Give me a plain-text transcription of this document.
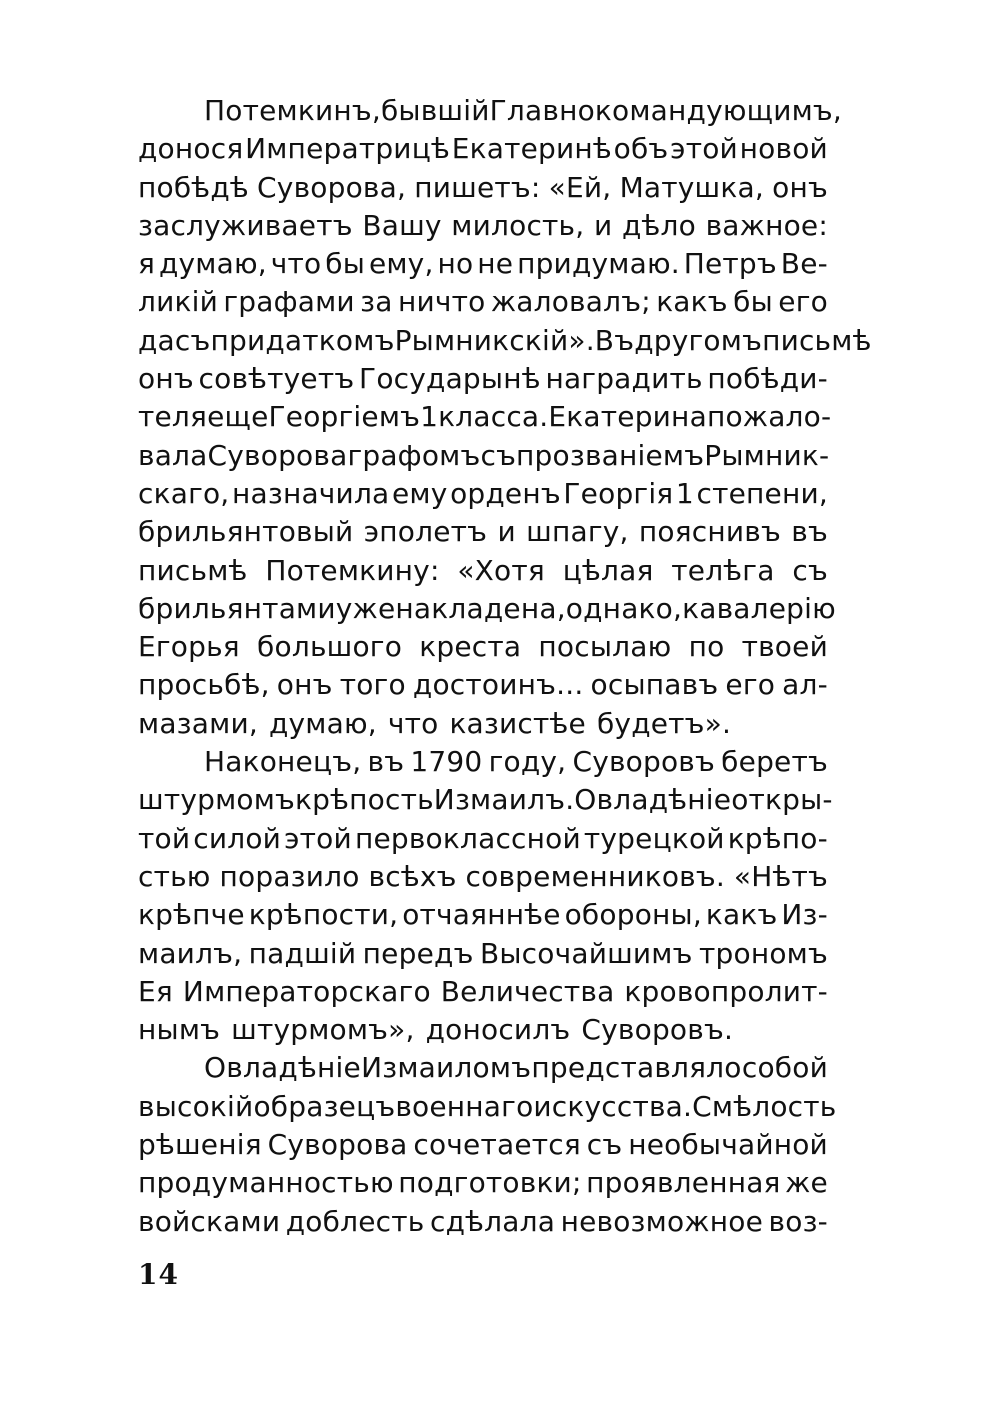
Потемкинъ, бывшій Главнокомандующимъ,
донося Императрицѣ Екатеринѣ объ этой новой
побѣдѣ Суворова, пишетъ: «Ей, Матушка, онъ
заслуживаетъ Вашу милость, и дѣло важное:
я думаю, что бы ему, но не придумаю. Петръ Ве-
ликій графами за ничто жаловалъ; какъ бы его
да съ придаткомъ Рымникскій».Въ другомъ письмѣ
онъ совѣтуетъ Государынѣ наградить побѣди-
теля еще Георгіемъ 1 класса. Екатерина пожало-
вала Суворова графомъ съ прозваніемъ Рымник-
скаго, назначила ему орденъ Георгія 1 степени,
брильянтовый эполетъ и шпагу, пояснивъ въ
письмѣ Потемкину: «Хотя цѣлая телѣга съ
брильянтами уже накладена, однако, кавалерію
Егорья большого креста посылаю по твоей
просьбѣ, онъ того достоинъ... осыпавъ его ал-
мазами, думаю, что казистѣе будетъ».
Наконецъ, въ 1790 году, Суворовъ беретъ
штурмомъ крѣпость Измаилъ. Овладѣніе откры-
той силой этой первоклассной турецкой крѣпо-
стью поразило всѣхъ современниковъ. «Нѣтъ
крѣпче крѣпости, отчаяннѣе обороны, какъ Из-
маилъ, падшій передъ Высочайшимъ трономъ
Ея Императорскаго Величества кровопролит-
нымъ штурмомъ», доносилъ Суворовъ.
Овладѣніе Измаиломъ представляло собой
высокій образецъ военнаго искусства. Смѣлость
рѣшенія Суворова сочетается съ необычайной
продуманностью подготовки; проявленная же
войсками доблесть сдѣлала невозможное воз-
14
